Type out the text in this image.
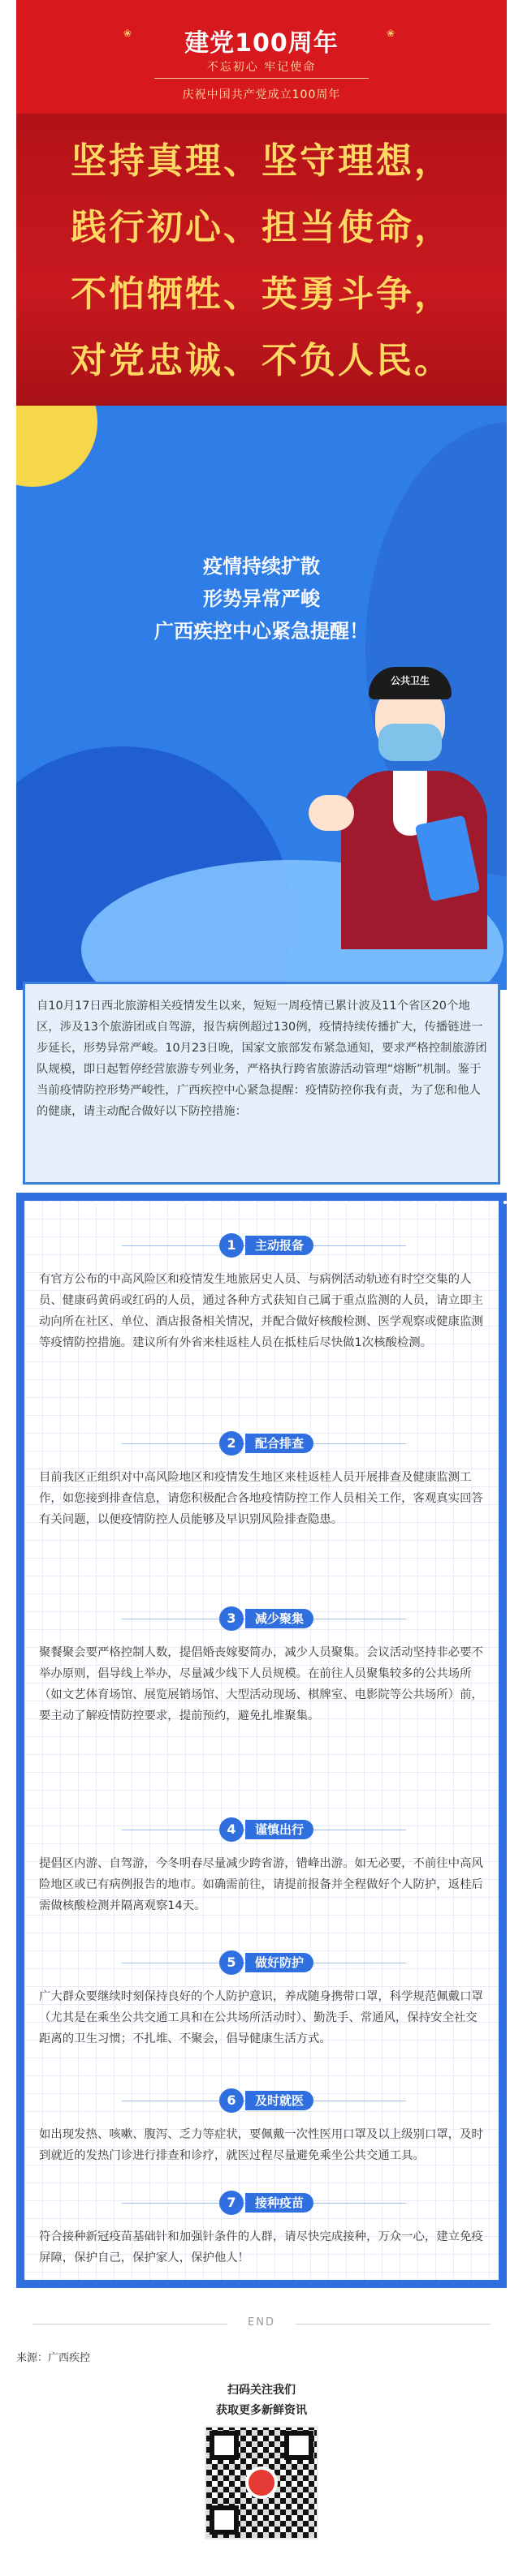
❀	❀
建党100周年
不忘初心 牢记使命
庆祝中国共产党成立100周年
坚持真理、坚守理想，
践行初心、担当使命，
不怕牺牲、英勇斗争，
对党忠诚、不负人民。
疫情持续扩散
形势异常严峻
广西疾控中心紧急提醒！
公共卫生
自10月17日西北旅游相关疫情发生以来，短短一周疫情已累计波及11个省区20个地区，涉及13个旅游团或自驾游，报告病例超过130例，疫情持续传播扩大，传播链进一步延长，形势异常严峻。10月23日晚，国家文旅部发布紧急通知，要求严格控制旅游团队规模，即日起暂停经营旅游专列业务，严格执行跨省旅游活动管理“熔断”机制。鉴于当前疫情防控形势严峻性，广西疾控中心紧急提醒：疫情防控你我有责，为了您和他人的健康，请主动配合做好以下防控措施：
1	主动报备
有官方公布的中高风险区和疫情发生地旅居史人员、与病例活动轨迹有时空交集的人员、健康码黄码或红码的人员，通过各种方式获知自己属于重点监测的人员，请立即主动向所在社区、单位、酒店报备相关情况，并配合做好核酸检测、医学观察或健康监测等疫情防控措施。建议所有外省来桂返桂人员在抵桂后尽快做1次核酸检测。
2	配合排查
目前我区正组织对中高风险地区和疫情发生地区来桂返桂人员开展排查及健康监测工作，如您接到排查信息，请您积极配合各地疫情防控工作人员相关工作，客观真实回答有关问题，以便疫情防控人员能够及早识别风险排查隐患。
3	减少聚集
聚餐聚会要严格控制人数，提倡婚丧嫁娶简办，减少人员聚集。会议活动坚持非必要不举办原则，倡导线上举办，尽量减少线下人员规模。在前往人员聚集较多的公共场所（如文艺体育场馆、展览展销场馆、大型活动现场、棋牌室、电影院等公共场所）前，要主动了解疫情防控要求，提前预约，避免扎堆聚集。
4	谨慎出行
提倡区内游、自驾游，今冬明春尽量减少跨省游，错峰出游。如无必要，不前往中高风险地区或已有病例报告的地市。如确需前往，请提前报备并全程做好个人防护，返桂后需做核酸检测并隔离观察14天。
5	做好防护
广大群众要继续时刻保持良好的个人防护意识，养成随身携带口罩，科学规范佩戴口罩（尤其是在乘坐公共交通工具和在公共场所活动时）、勤洗手、常通风，保持安全社交距离的卫生习惯；不扎堆、不聚会，倡导健康生活方式。
6	及时就医
如出现发热、咳嗽、腹泻、乏力等症状，要佩戴一次性医用口罩及以上级别口罩，及时到就近的发热门诊进行排查和诊疗，就医过程尽量避免乘坐公共交通工具。
7	接种疫苗
符合接种新冠疫苗基础针和加强针条件的人群，请尽快完成接种，万众一心，建立免疫屏障，保护自己，保护家人，保护他人！
END
来源：广西疾控
扫码关注我们
获取更多新鲜资讯
